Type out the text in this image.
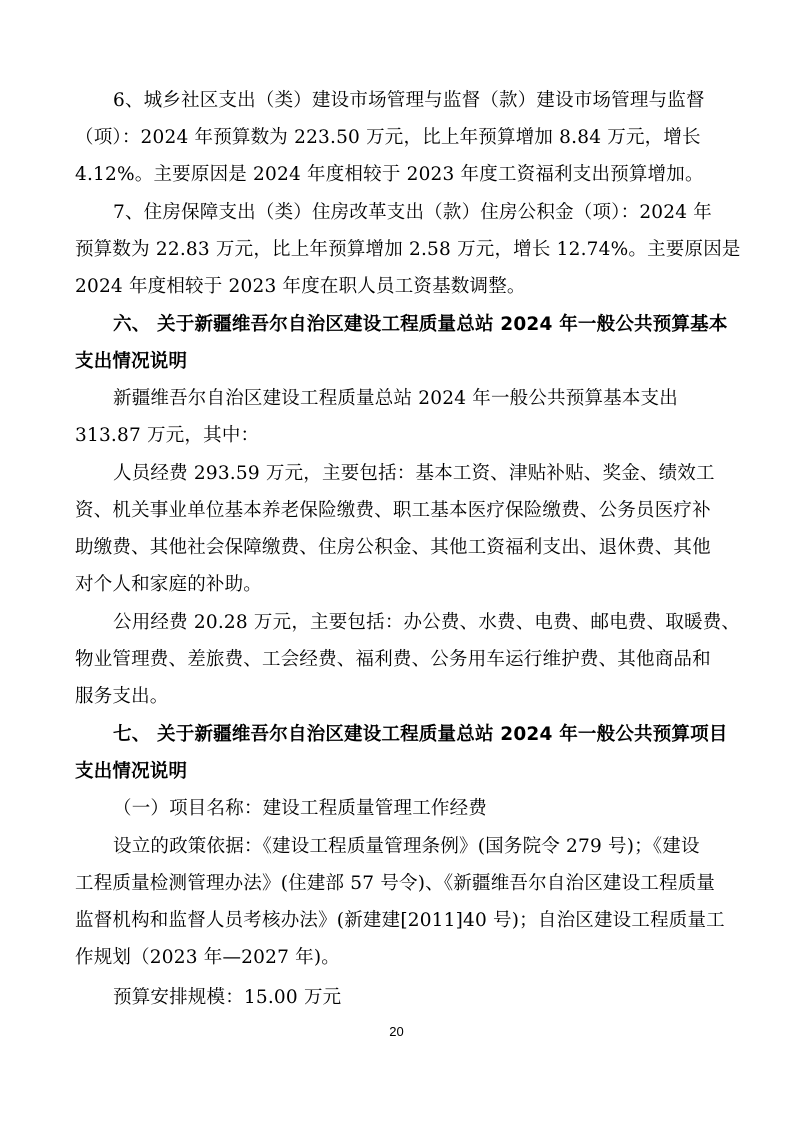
6、城乡社区支出（类）建设市场管理与监督（款）建设市场管理与监督
（项）：2024 年预算数为 223.50 万元，比上年预算增加 8.84 万元，增长
4.12%。主要原因是 2024 年度相较于 2023 年度工资福利支出预算增加。
7、住房保障支出（类）住房改革支出（款）住房公积金（项）：2024 年
预算数为 22.83 万元，比上年预算增加 2.58 万元，增长 12.74%。主要原因是
2024 年度相较于 2023 年度在职人员工资基数调整。
六、 关于新疆维吾尔自治区建设工程质量总站 2024 年一般公共预算基本
支出情况说明
新疆维吾尔自治区建设工程质量总站 2024 年一般公共预算基本支出
313.87 万元，其中：
人员经费 293.59 万元，主要包括：基本工资、津贴补贴、奖金、绩效工
资、机关事业单位基本养老保险缴费、职工基本医疗保险缴费、公务员医疗补
助缴费、其他社会保障缴费、住房公积金、其他工资福利支出、退休费、其他
对个人和家庭的补助。
公用经费 20.28 万元，主要包括：办公费、水费、电费、邮电费、取暖费、
物业管理费、差旅费、工会经费、福利费、公务用车运行维护费、其他商品和
服务支出。
七、 关于新疆维吾尔自治区建设工程质量总站 2024 年一般公共预算项目
支出情况说明
（一）项目名称：建设工程质量管理工作经费
设立的政策依据：《建设工程质量管理条例》(国务院令 279 号)；《建设
工程质量检测管理办法》(住建部 57 号令)、《新疆维吾尔自治区建设工程质量
监督机构和监督人员考核办法》(新建建[2011]40 号)；自治区建设工程质量工
作规划（2023 年—2027 年)。
预算安排规模：15.00 万元
20
